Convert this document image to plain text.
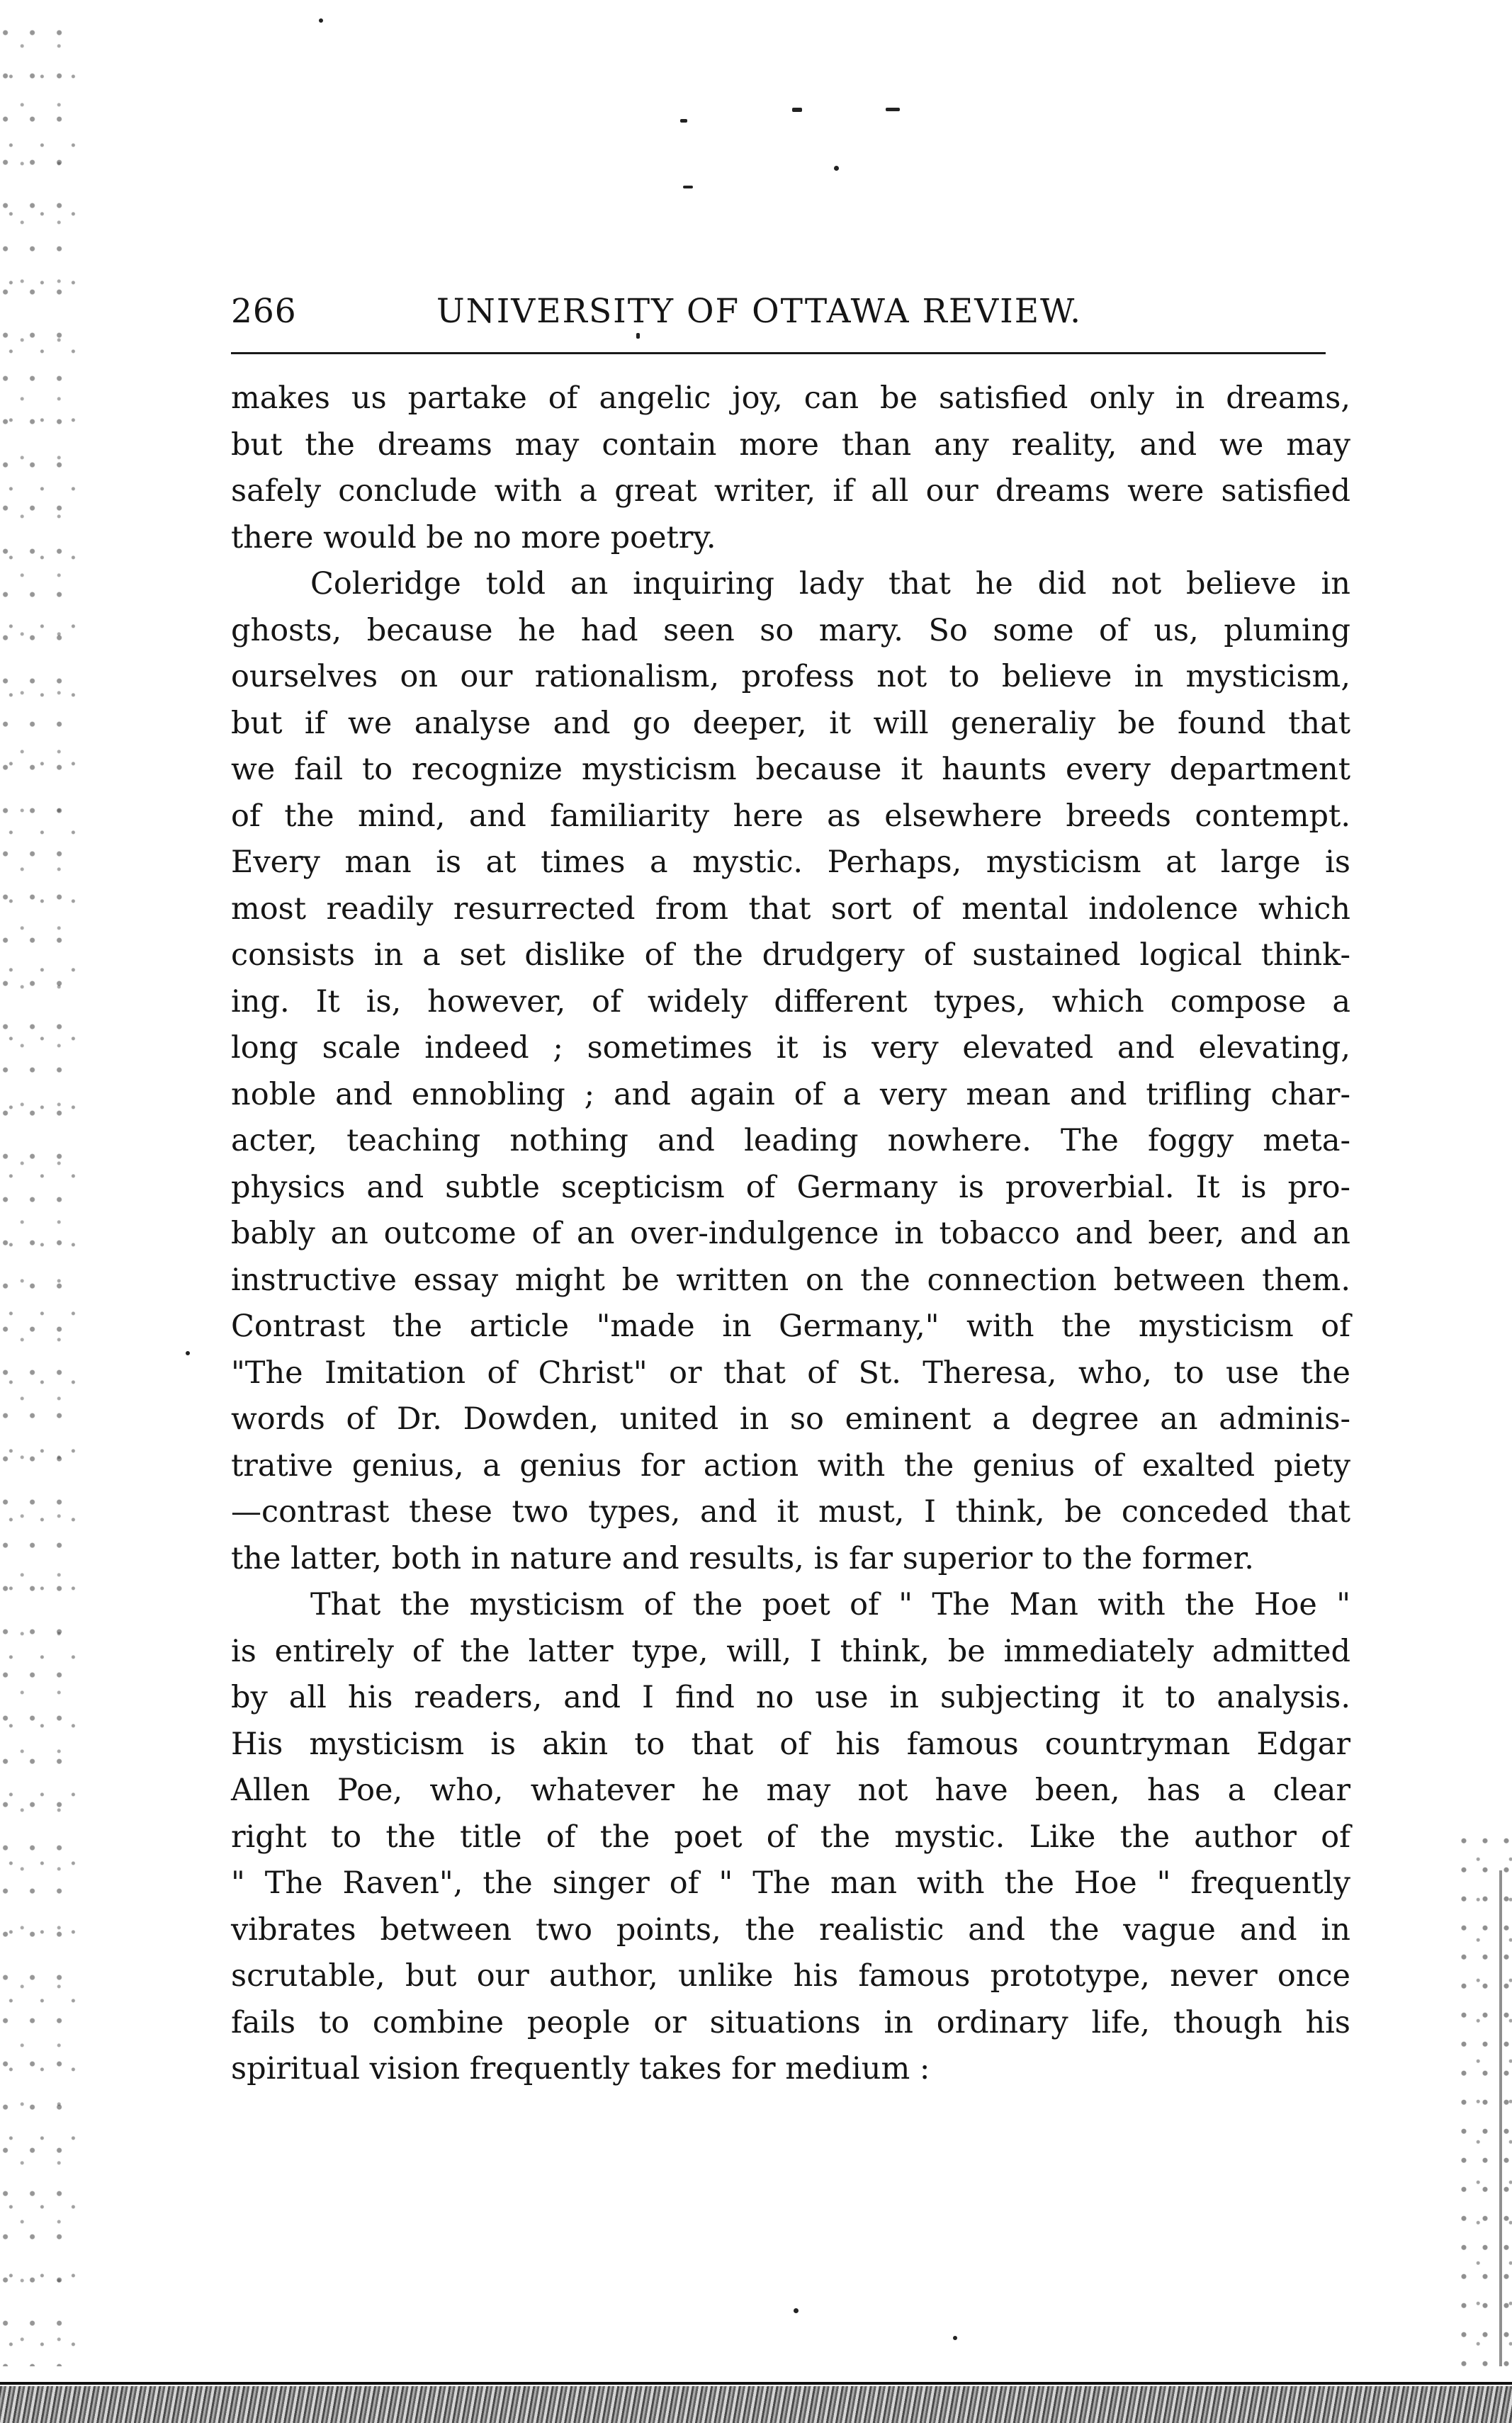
266	UNIVERSITY OF OTTAWA REVIEW.
makes us partake of angelic joy, can be satisfied only in dreams,
but the dreams may contain more than any reality, and we may
safely conclude with a great writer, if all our dreams were satisfied
there would be no more poetry.
Coleridge told an inquiring lady that he did not believe in
ghosts, because he had seen so mary. So some of us, pluming
ourselves on our rationalism, profess not to believe in mysticism,
but if we analyse and go deeper, it will generaliy be found that
we fail to recognize mysticism because it haunts every department
of the mind, and familiarity here as elsewhere breeds contempt.
Every man is at times a mystic. Perhaps, mysticism at large is
most readily resurrected from that sort of mental indolence which
consists in a set dislike of the drudgery of sustained logical think-
ing. It is, however, of widely different types, which compose a
long scale indeed ; sometimes it is very elevated and elevating,
noble and ennobling ; and again of a very mean and trifling char-
acter, teaching nothing and leading nowhere. The foggy meta-
physics and subtle scepticism of Germany is proverbial. It is pro-
bably an outcome of an over-indulgence in tobacco and beer, and an
instructive essay might be written on the connection between them.
Contrast the article "made in Germany," with the mysticism of
"The Imitation of Christ" or that of St. Theresa, who, to use the
words of Dr. Dowden, united in so eminent a degree an adminis-
trative genius, a genius for action with the genius of exalted piety
—contrast these two types, and it must, I think, be conceded that
the latter, both in nature and results, is far superior to the former.
That the mysticism of the poet of " The Man with the Hoe "
is entirely of the latter type, will, I think, be immediately admitted
by all his readers, and I find no use in subjecting it to analysis.
His mysticism is akin to that of his famous countryman Edgar
Allen Poe, who, whatever he may not have been, has a clear
right to the title of the poet of the mystic. Like the author of
" The Raven", the singer of " The man with the Hoe " frequently
vibrates between two points, the realistic and the vague and in
scrutable, but our author, unlike his famous prototype, never once
fails to combine people or situations in ordinary life, though his
spiritual vision frequently takes for medium :
